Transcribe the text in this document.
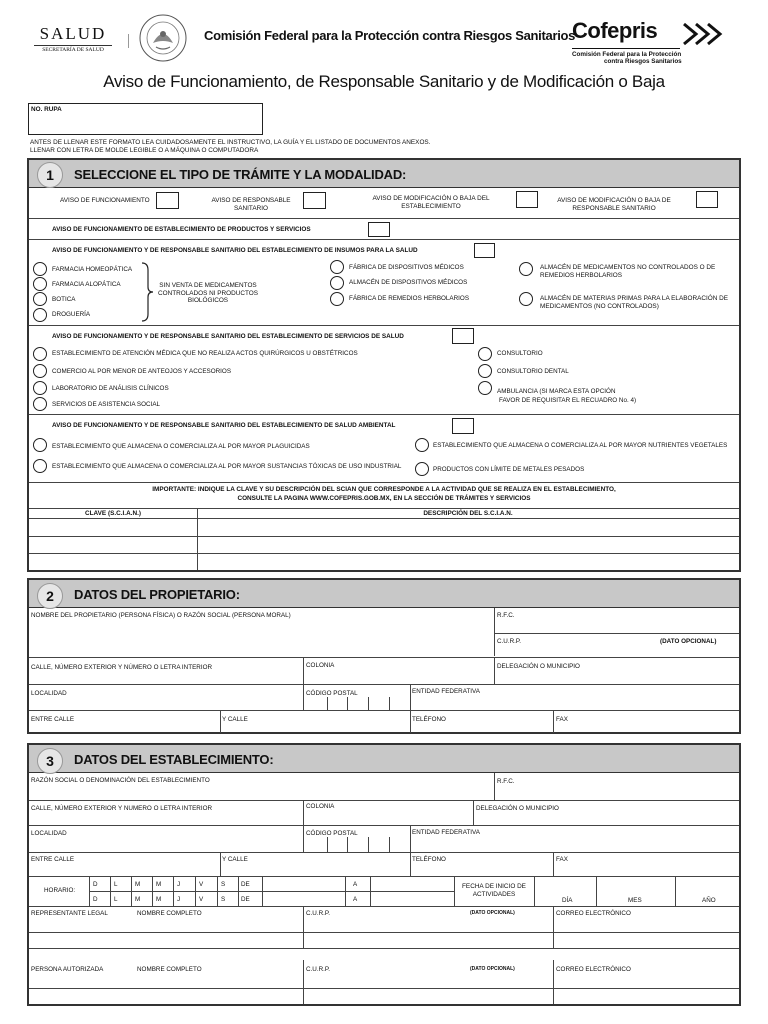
SALUD
SECRETARÍA DE SALUD
Comisión Federal para la Protección contra Riesgos Sanitarios
Cofepris
Comisión Federal para la Protección
contra Riesgos Sanitarios
Aviso de Funcionamiento, de Responsable Sanitario y de Modificación o Baja
NO. RUPA
ANTES DE LLENAR ESTE FORMATO LEA CUIDADOSAMENTE EL INSTRUCTIVO, LA GUÍA Y EL LISTADO DE DOCUMENTOS ANEXOS.
LLENAR CON LETRA DE MOLDE LEGIBLE O A MÁQUINA O COMPUTADORA
1	SELECCIONE EL TIPO DE TRÁMITE Y LA MODALIDAD:
AVISO DE FUNCIONAMIENTO	AVISO DE RESPONSABLE SANITARIO
AVISO DE MODIFICACIÓN O BAJA DEL ESTABLECIMIENTO
AVISO DE MODIFICACIÓN O BAJA DE RESPONSABLE SANITARIO
AVISO DE FUNCIONAMIENTO DE ESTABLECIMIENTO DE PRODUCTOS Y SERVICIOS
AVISO DE FUNCIONAMIENTO Y DE RESPONSABLE SANITARIO DEL ESTABLECIMIENTO DE INSUMOS PARA LA SALUD
FARMACIA HOMEOPÁTICA
FARMACIA ALOPÁTICA
BOTICA
DROGUERÍA
SIN VENTA DE MEDICAMENTOS CONTROLADOS NI PRODUCTOS BIOLÓGICOS
FÁBRICA DE DISPOSITIVOS MÉDICOS
ALMACÉN DE DISPOSITIVOS MÉDICOS
FÁBRICA DE REMEDIOS HERBOLARIOS
ALMACÉN DE MEDICAMENTOS NO CONTROLADOS O DE REMEDIOS HERBOLARIOS
ALMACÉN DE MATERIAS PRIMAS PARA LA ELABORACIÓN DE MEDICAMENTOS (NO CONTROLADOS)
AVISO DE FUNCIONAMIENTO Y DE RESPONSABLE SANITARIO DEL ESTABLECIMIENTO DE SERVICIOS DE SALUD
ESTABLECIMIENTO DE ATENCIÓN MÉDICA QUE NO REALIZA ACTOS QUIRÚRGICOS U OBSTÉTRICOS
COMERCIO AL POR MENOR DE ANTEOJOS Y ACCESORIOS
LABORATORIO DE ANÁLISIS CLÍNICOS
SERVICIOS DE ASISTENCIA SOCIAL
CONSULTORIO
CONSULTORIO DENTAL
AMBULANCIA (SI MARCA ESTA OPCIÓN
FAVOR DE REQUISITAR EL RECUADRO No. 4)
AVISO DE FUNCIONAMIENTO Y DE RESPONSABLE SANITARIO DEL ESTABLECIMIENTO DE SALUD AMBIENTAL
ESTABLECIMIENTO QUE ALMACENA O COMERCIALIZA AL POR MAYOR PLAGUICIDAS	ESTABLECIMIENTO QUE ALMACENA O COMERCIALIZA AL POR MAYOR NUTRIENTES VEGETALES
ESTABLECIMIENTO QUE ALMACENA O COMERCIALIZA AL POR MAYOR SUSTANCIAS TÓXICAS DE USO INDUSTRIAL	PRODUCTOS CON LÍMITE DE METALES PESADOS
IMPORTANTE: INDIQUE LA CLAVE Y SU DESCRIPCIÓN DEL SCIAN QUE CORRESPONDE A LA ACTIVIDAD QUE SE REALIZA EN EL ESTABLECIMIENTO,
CONSULTE LA PAGINA WWW.COFEPRIS.GOB.MX, EN LA SECCIÓN DE TRÁMITES Y SERVICIOS
CLAVE (S.C.I.A.N.)	DESCRIPCIÓN DEL S.C.I.A.N.
2	DATOS DEL PROPIETARIO:
NOMBRE DEL PROPIETARIO (PERSONA FÍSICA) O RAZÓN SOCIAL (PERSONA MORAL)	R.F.C.
C.U.R.P.	(DATO OPCIONAL)
CALLE, NÚMERO EXTERIOR Y NÚMERO O LETRA INTERIOR	COLONIA	DELEGACIÓN O MUNICIPIO
LOCALIDAD	CÓDIGO POSTAL	ENTIDAD FEDERATIVA
ENTRE CALLE	Y CALLE	TELÉFONO	FAX
3	DATOS DEL ESTABLECIMIENTO:
RAZÓN SOCIAL O DENOMINACIÓN DEL ESTABLECIMIENTO	R.F.C.
CALLE, NÚMERO EXTERIOR Y NUMERO O LETRA INTERIOR	COLONIA	DELEGACIÓN O MUNICIPIO
LOCALIDAD	CÓDIGO POSTAL	ENTIDAD FEDERATIVA
ENTRE CALLE	Y CALLE	TELÉFONO	FAX
HORARIO:
D	L	M	M	J	V	S	DE	A
D	L	M	M	J	V	S	DE	A
FECHA DE INICIO DE ACTIVIDADES
DÍA	MES	AÑO
REPRESENTANTE LEGAL	NOMBRE COMPLETO	C.U.R.P.	(DATO OPCIONAL)	CORREO ELECTRÓNICO
PERSONA AUTORIZADA	NOMBRE COMPLETO	C.U.R.P.	(DATO OPCIONAL)	CORREO ELECTRÓNICO
